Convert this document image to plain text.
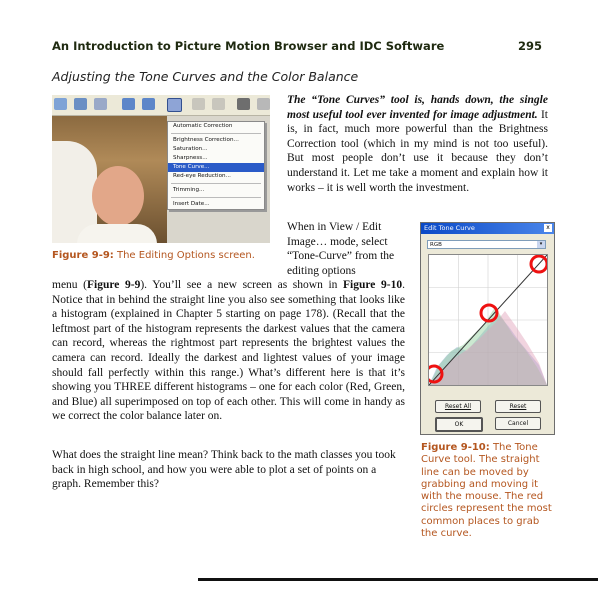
An Introduction to Picture Motion Browser and IDC Software	295
Adjusting the Tone Curves and the Color Balance
Automatic Correction
Brightness Correction...
Saturation...
Sharpness...
Tone Curve...
Red-eye Reduction...
Trimming...
Insert Date...
Figure 9-9: The Editing Options screen.

The “Tone Curves” tool is, hands down, the single most useful tool ever invented for image adjustment. It is, in fact, much more powerful than the Brightness Correction tool (which in my mind is not too useful). But most people don’t use it because they don’t understand it. Let me take a moment and explain how it works – it is well worth the investment.

When in View / Edit Image… mode, select “Tone-Curve” from the editing options

menu (Figure 9-9). You’ll see a new screen as shown in Figure 9-10. Notice that in behind the straight line you also see something that looks like a histogram (explained in Chapter 5 starting on page 178). (Recall that the leftmost part of the histogram represents the darkest values that the camera can record, whereas the rightmost part represents the brightest values the camera can record. Ideally the darkest and lightest values of your image should fall perfectly within this range.) What’s different here is that it’s showing you THREE different histograms – one for each color (Red, Green, and Blue) all superimposed on top of each other. This will come in handy as we correct the color balance later on.

What does the straight line mean? Think back to the math classes you took back in high school, and how you were able to plot a set of points on a graph. Remember this?

Edit Tone Curve	x
RGB	▾
Reset All	Reset
OK	Cancel

Figure 9-10: The Tone Curve tool. The straight line can be moved by grabbing and moving it with the mouse. The red circles represent the most common places to grab the curve.
